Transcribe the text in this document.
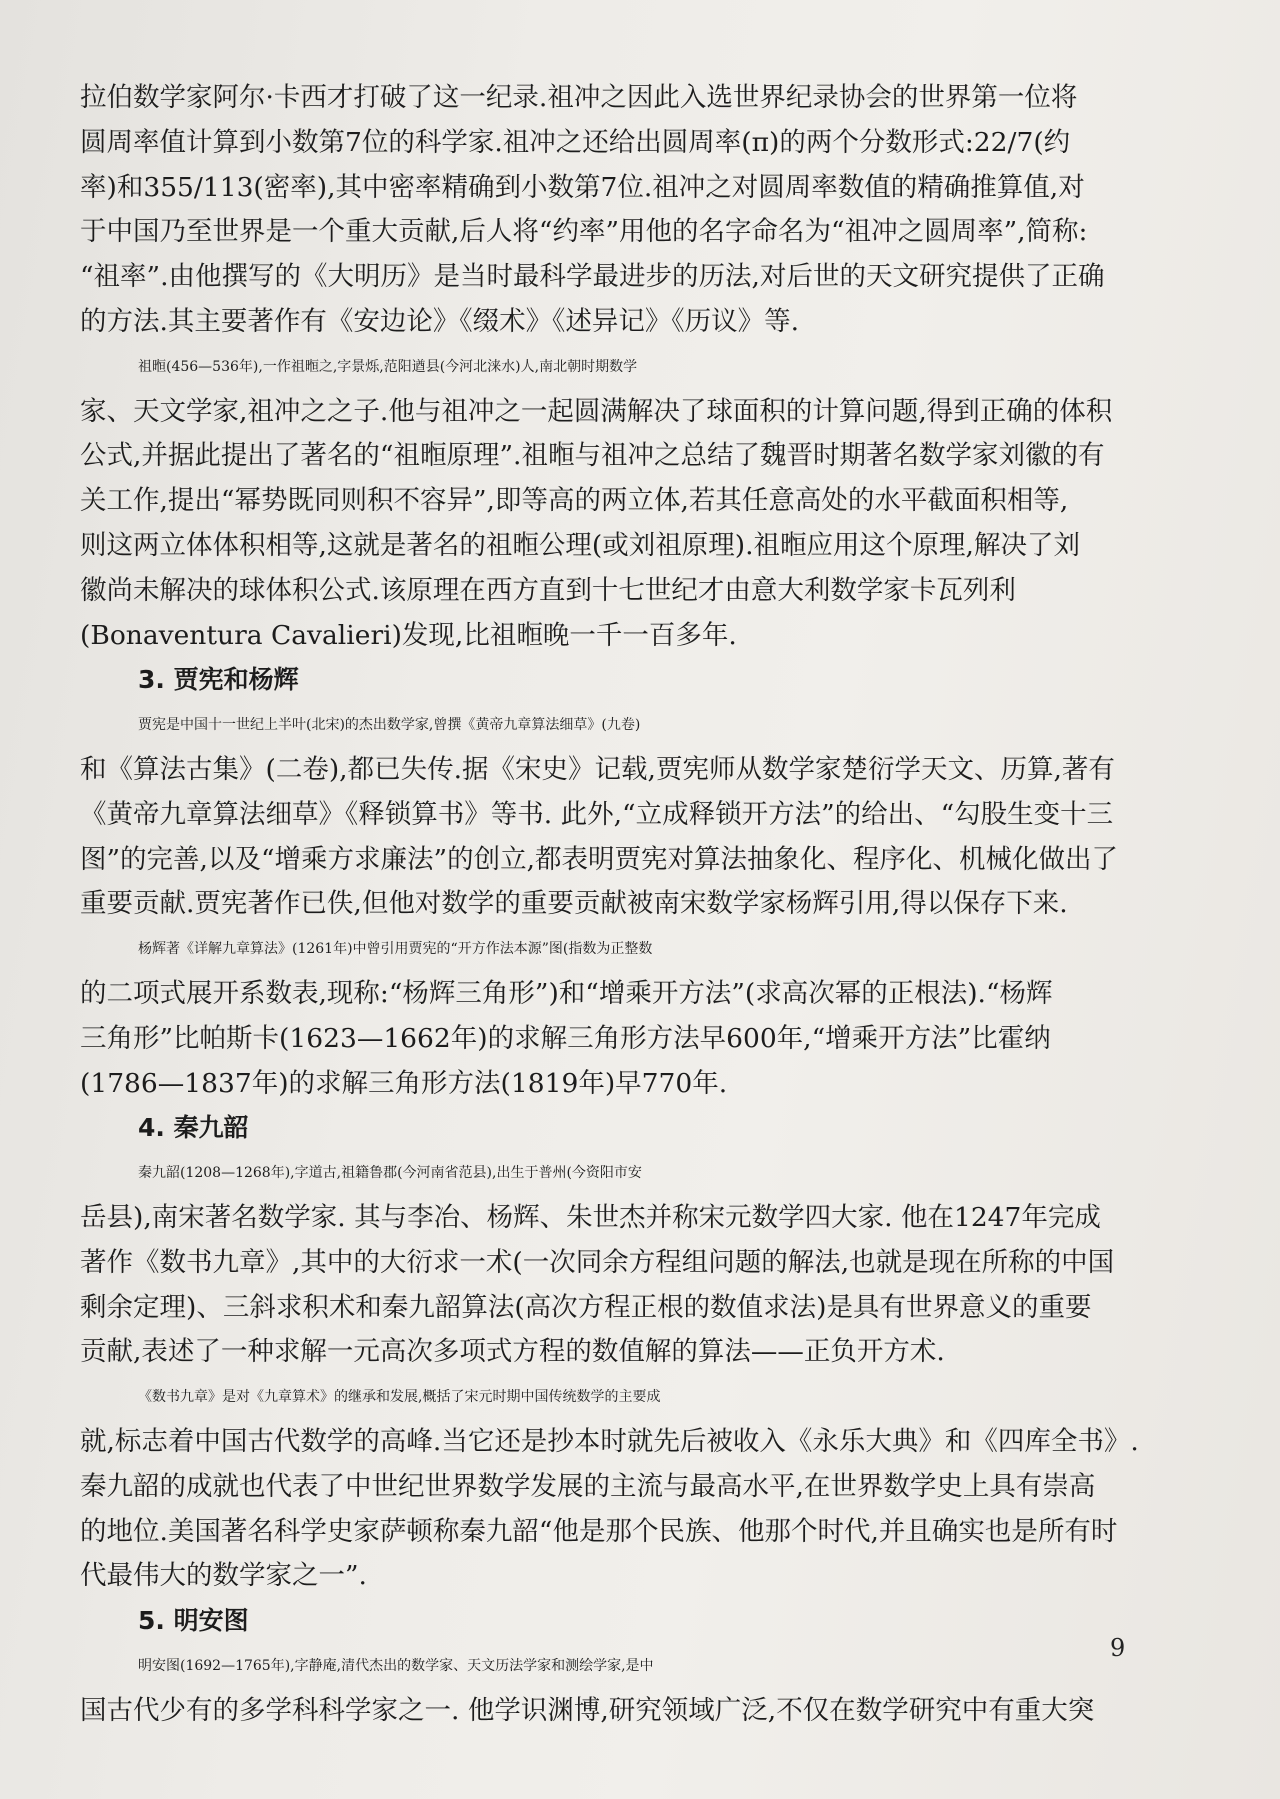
拉伯数学家阿尔·卡西才打破了这一纪录.祖冲之因此入选世界纪录协会的世界第一位将
圆周率值计算到小数第7位的科学家.祖冲之还给出圆周率(π)的两个分数形式:22/7(约
率)和355/113(密率),其中密率精确到小数第7位.祖冲之对圆周率数值的精确推算值,对
于中国乃至世界是一个重大贡献,后人将“约率”用他的名字命名为“祖冲之圆周率”,简称:
“祖率”.由他撰写的《大明历》是当时最科学最进步的历法,对后世的天文研究提供了正确
的方法.其主要著作有《安边论》《缀术》《述异记》《历议》等.
祖暅(456—536年),一作祖暅之,字景烁,范阳遒县(今河北涞水)人,南北朝时期数学
家、天文学家,祖冲之之子.他与祖冲之一起圆满解决了球面积的计算问题,得到正确的体积
公式,并据此提出了著名的“祖暅原理”.祖暅与祖冲之总结了魏晋时期著名数学家刘徽的有
关工作,提出“幂势既同则积不容异”,即等高的两立体,若其任意高处的水平截面积相等,
则这两立体体积相等,这就是著名的祖暅公理(或刘祖原理).祖暅应用这个原理,解决了刘
徽尚未解决的球体积公式.该原理在西方直到十七世纪才由意大利数学家卡瓦列利
(Bonaventura Cavalieri)发现,比祖暅晚一千一百多年.
3. 贾宪和杨辉
贾宪是中国十一世纪上半叶(北宋)的杰出数学家,曾撰《黄帝九章算法细草》(九卷)
和《算法古集》(二卷),都已失传.据《宋史》记载,贾宪师从数学家楚衍学天文、历算,著有
《黄帝九章算法细草》《释锁算书》等书. 此外,“立成释锁开方法”的给出、“勾股生变十三
图”的完善,以及“增乘方求廉法”的创立,都表明贾宪对算法抽象化、程序化、机械化做出了
重要贡献.贾宪著作已佚,但他对数学的重要贡献被南宋数学家杨辉引用,得以保存下来.
杨辉著《详解九章算法》(1261年)中曾引用贾宪的“开方作法本源”图(指数为正整数
的二项式展开系数表,现称:“杨辉三角形”)和“增乘开方法”(求高次幂的正根法).“杨辉
三角形”比帕斯卡(1623—1662年)的求解三角形方法早600年,“增乘开方法”比霍纳
(1786—1837年)的求解三角形方法(1819年)早770年.
4. 秦九韶
秦九韶(1208—1268年),字道古,祖籍鲁郡(今河南省范县),出生于普州(今资阳市安
岳县),南宋著名数学家. 其与李冶、杨辉、朱世杰并称宋元数学四大家. 他在1247年完成
著作《数书九章》,其中的大衍求一术(一次同余方程组问题的解法,也就是现在所称的中国
剩余定理)、三斜求积术和秦九韶算法(高次方程正根的数值求法)是具有世界意义的重要
贡献,表述了一种求解一元高次多项式方程的数值解的算法——正负开方术.
《数书九章》是对《九章算术》的继承和发展,概括了宋元时期中国传统数学的主要成
就,标志着中国古代数学的高峰.当它还是抄本时就先后被收入《永乐大典》和《四库全书》.
秦九韶的成就也代表了中世纪世界数学发展的主流与最高水平,在世界数学史上具有崇高
的地位.美国著名科学史家萨顿称秦九韶“他是那个民族、他那个时代,并且确实也是所有时
代最伟大的数学家之一”.
5. 明安图
明安图(1692—1765年),字静庵,清代杰出的数学家、天文历法学家和测绘学家,是中
国古代少有的多学科科学家之一. 他学识渊博,研究领域广泛,不仅在数学研究中有重大突
9
